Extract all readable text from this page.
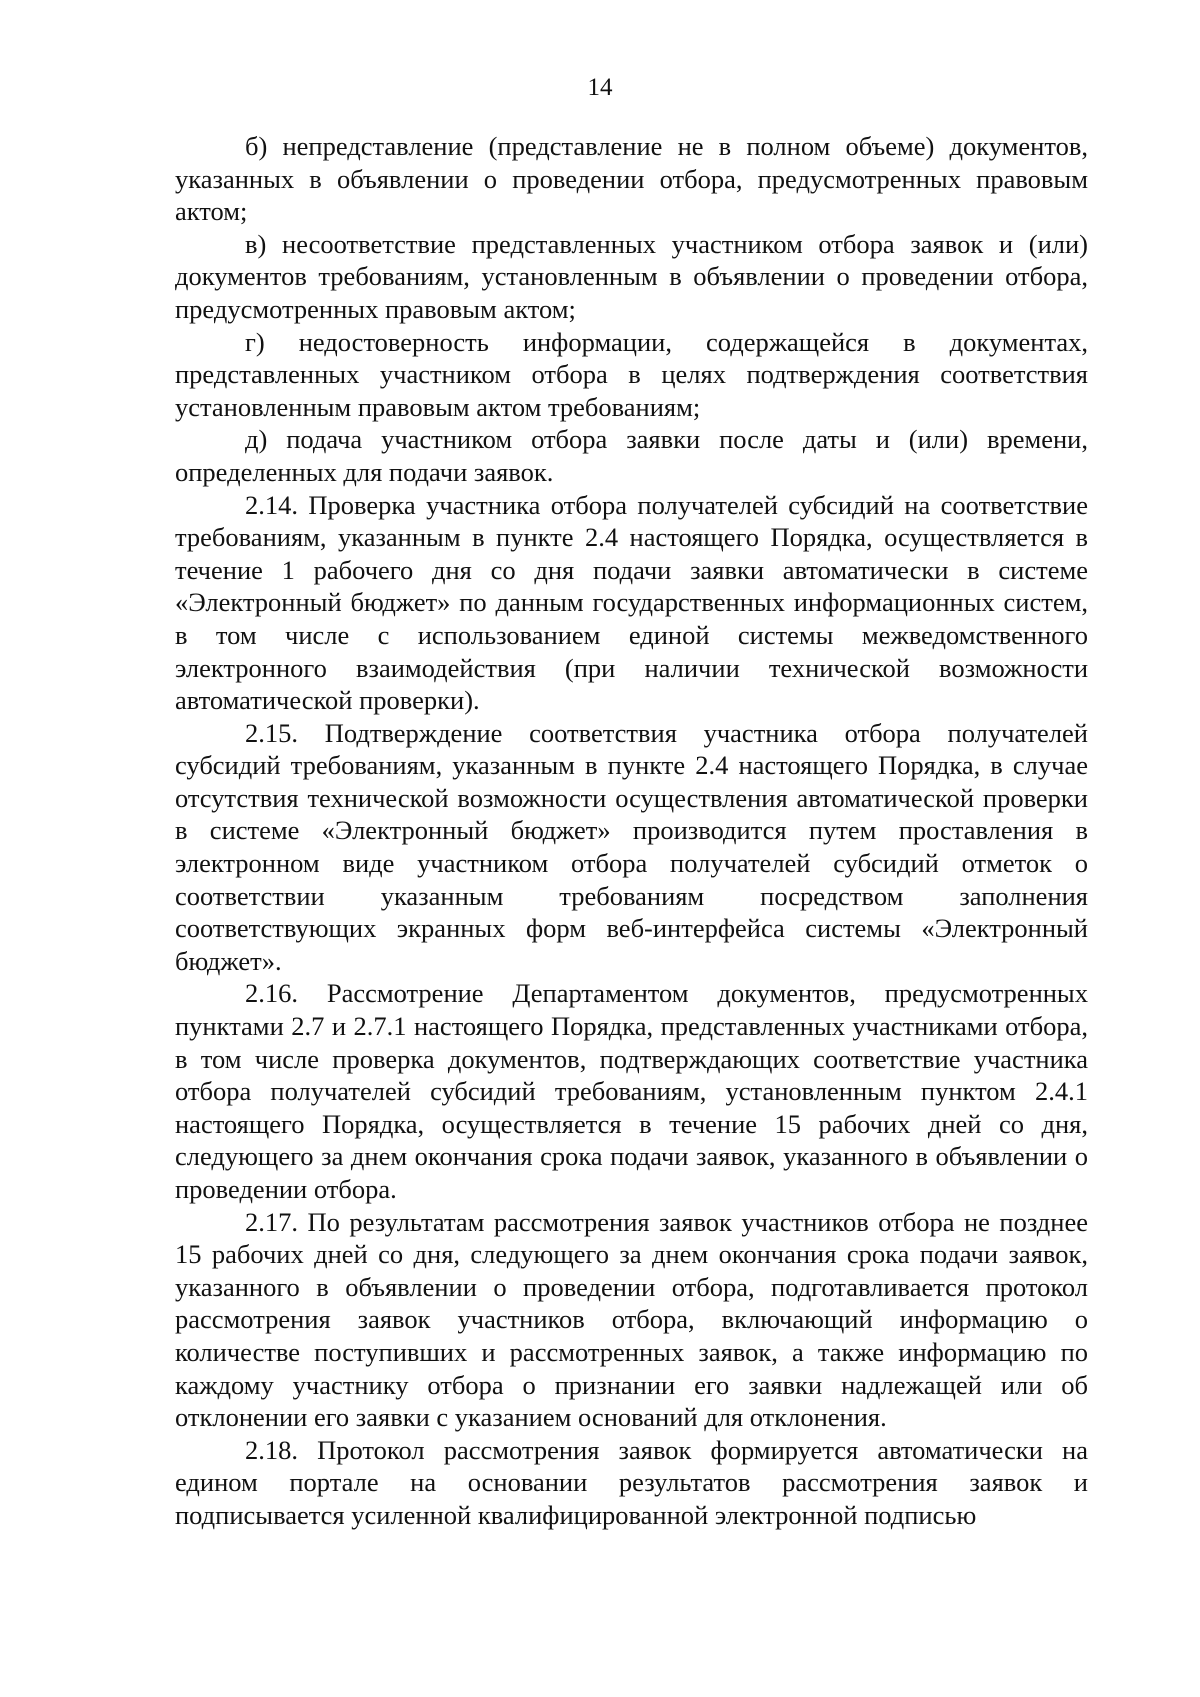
14

б) непредставление (представление не в полном объеме) документов, указанных в объявлении о проведении отбора, предусмотренных правовым актом;

в) несоответствие представленных участником отбора заявок и (или) документов требованиям, установленным в объявлении о проведении отбора, предусмотренных правовым актом;

г) недостоверность информации, содержащейся в документах, представленных участником отбора в целях подтверждения соответствия установленным правовым актом требованиям;

д) подача участником отбора заявки после даты и (или) времени, определенных для подачи заявок.

2.14. Проверка участника отбора получателей субсидий на соответствие требованиям, указанным в пункте 2.4 настоящего Порядка, осуществляется в течение 1 рабочего дня со дня подачи заявки автоматически в системе «Электронный бюджет» по данным государственных информационных систем, в том числе с использованием единой системы межведомственного электронного взаимодействия (при наличии технической возможности автоматической проверки).

2.15. Подтверждение соответствия участника отбора получателей субсидий требованиям, указанным в пункте 2.4 настоящего Порядка, в случае отсутствия технической возможности осуществления автоматической проверки в системе «Электронный бюджет» производится путем проставления в электронном виде участником отбора получателей субсидий отметок о соответствии указанным требованиям посредством заполнения соответствующих экранных форм веб-интерфейса системы «Электронный бюджет».

2.16. Рассмотрение Департаментом документов, предусмотренных пунктами 2.7 и 2.7.1 настоящего Порядка, представленных участниками отбора, в том числе проверка документов, подтверждающих соответствие участника отбора получателей субсидий требованиям, установленным пунктом 2.4.1 настоящего Порядка, осуществляется в течение 15 рабочих дней со дня, следующего за днем окончания срока подачи заявок, указанного в объявлении о проведении отбора.

2.17. По результатам рассмотрения заявок участников отбора не позднее 15 рабочих дней со дня, следующего за днем окончания срока подачи заявок, указанного в объявлении о проведении отбора, подготавливается протокол рассмотрения заявок участников отбора, включающий информацию о количестве поступивших и рассмотренных заявок, а также информацию по каждому участнику отбора о признании его заявки надлежащей или об отклонении его заявки с указанием оснований для отклонения.

2.18. Протокол рассмотрения заявок формируется автоматически на едином портале на основании результатов рассмотрения заявок и подписывается усиленной квалифицированной электронной подписью
